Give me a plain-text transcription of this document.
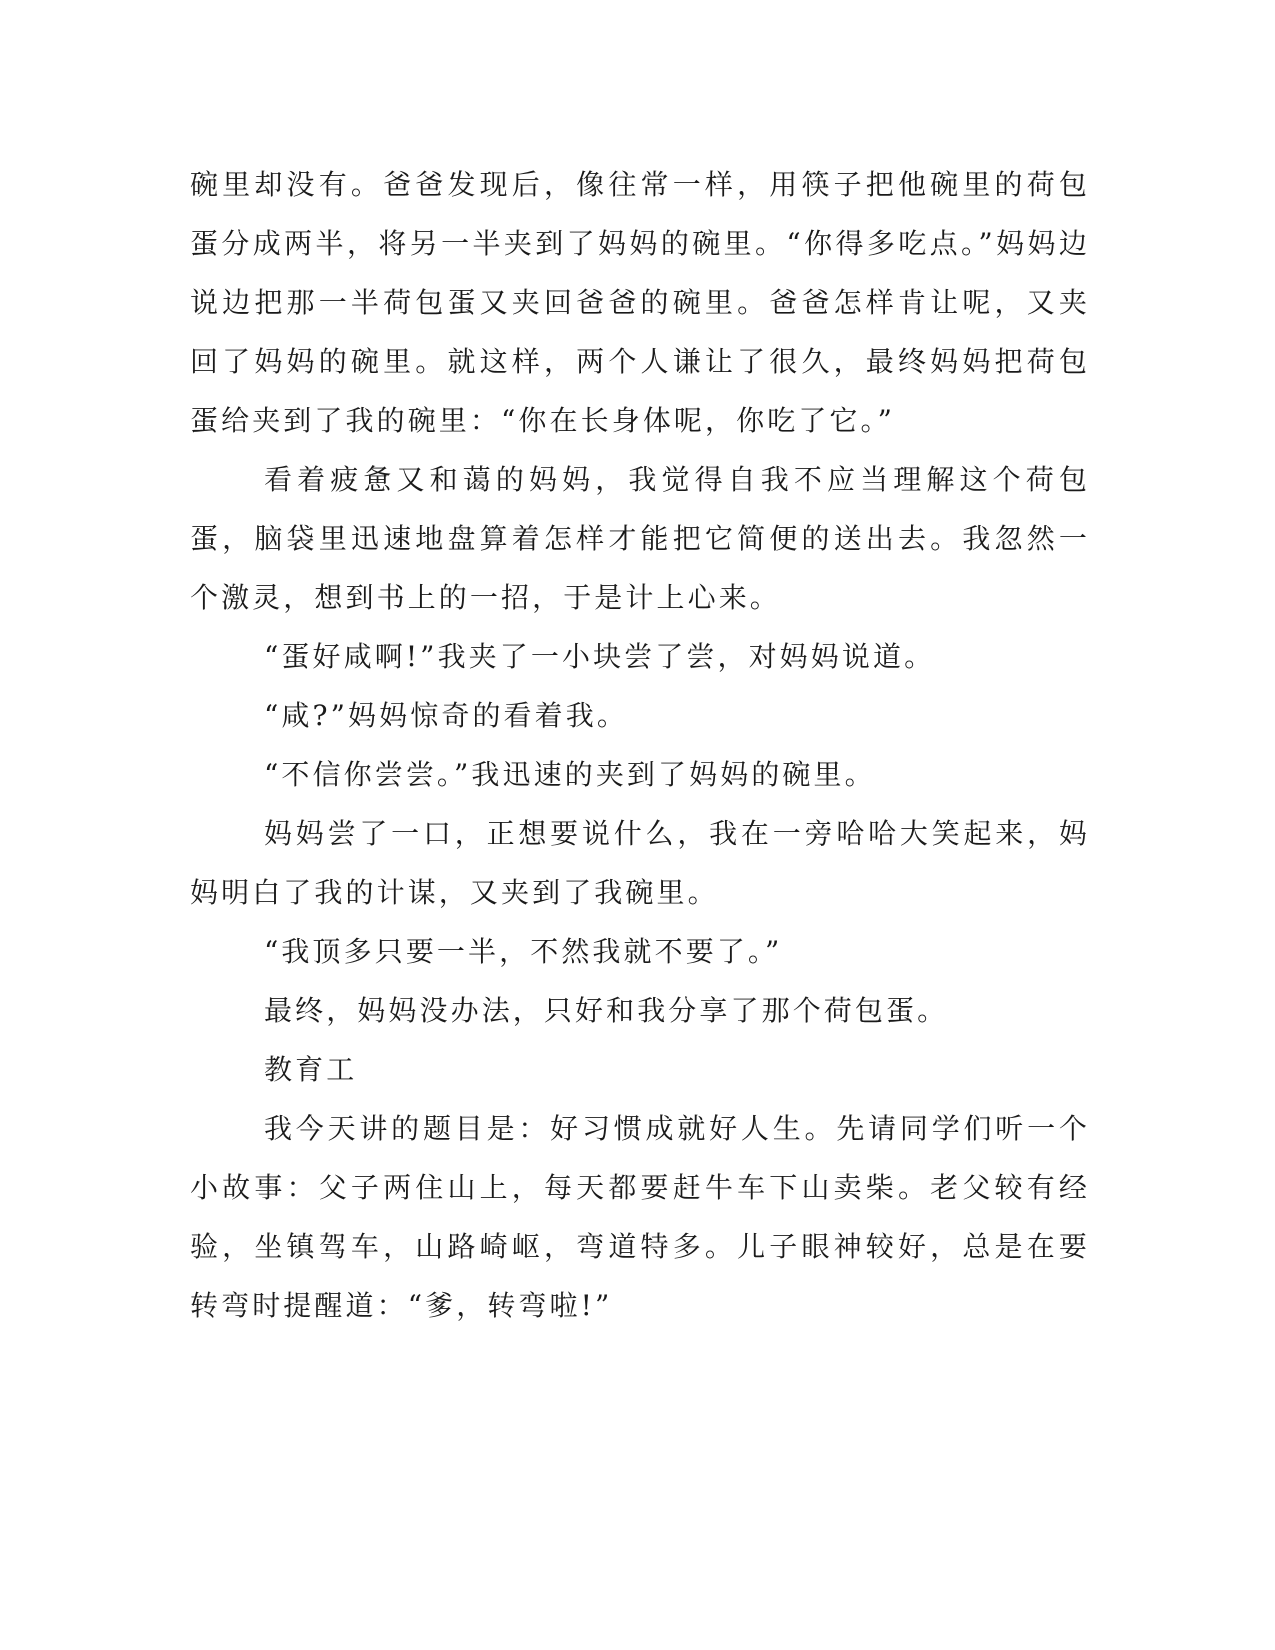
碗里却没有。爸爸发现后，像往常一样，用筷子把他碗里的荷包蛋分成两半，将另一半夹到了妈妈的碗里。“你得多吃点。”妈妈边说边把那一半荷包蛋又夹回爸爸的碗里。爸爸怎样肯让呢，又夹回了妈妈的碗里。就这样，两个人谦让了很久，最终妈妈把荷包蛋给夹到了我的碗里：“你在长身体呢，你吃了它。”

看着疲惫又和蔼的妈妈，我觉得自我不应当理解这个荷包蛋，脑袋里迅速地盘算着怎样才能把它简便的送出去。我忽然一个激灵，想到书上的一招，于是计上心来。

“蛋好咸啊!”我夹了一小块尝了尝，对妈妈说道。

“咸?”妈妈惊奇的看着我。

“不信你尝尝。”我迅速的夹到了妈妈的碗里。

妈妈尝了一口，正想要说什么，我在一旁哈哈大笑起来，妈妈明白了我的计谋，又夹到了我碗里。

“我顶多只要一半，不然我就不要了。”

最终，妈妈没办法，只好和我分享了那个荷包蛋。

教育工

我今天讲的题目是：好习惯成就好人生。先请同学们听一个小故事：父子两住山上，每天都要赶牛车下山卖柴。老父较有经验，坐镇驾车，山路崎岖，弯道特多。儿子眼神较好，总是在要转弯时提醒道：“爹，转弯啦!”
